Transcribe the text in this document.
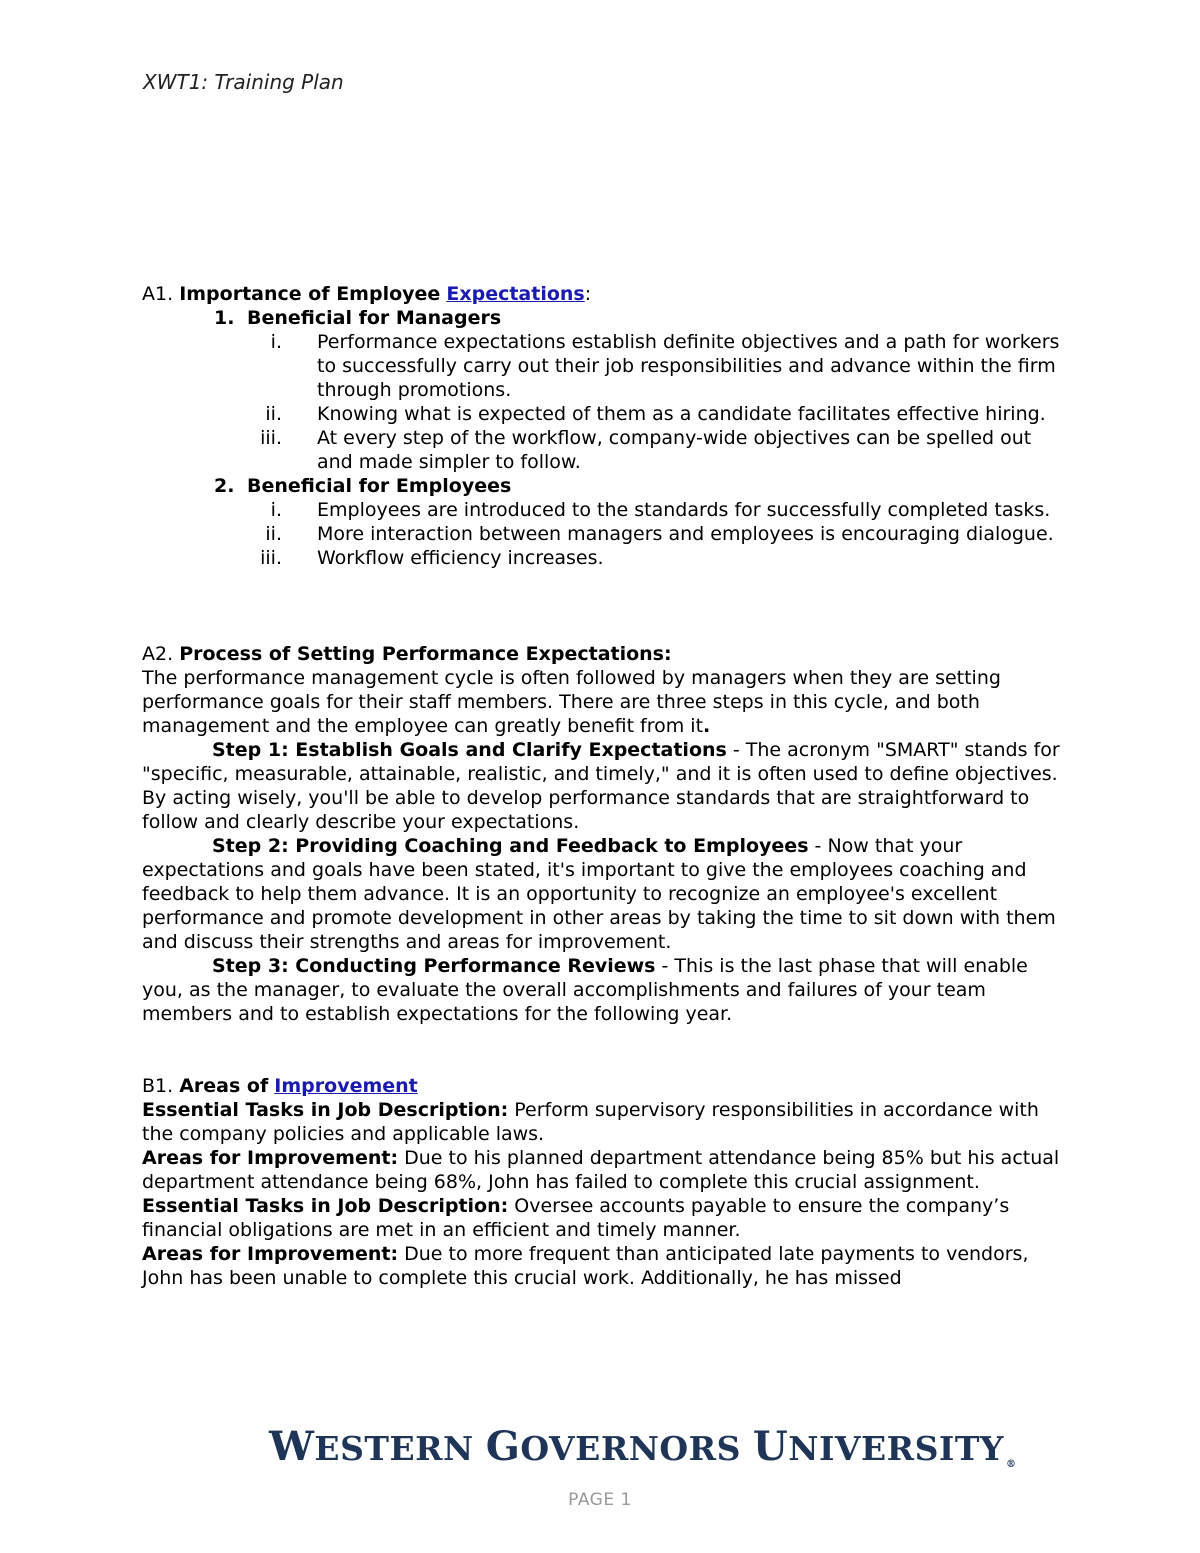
XWT1: Training Plan

A1. Importance of Employee Expectations:

1. Beneficial for Managers

i. Performance expectations establish definite objectives and a path for workers to successfully carry out their job responsibilities and advance within the firm through promotions.

ii. Knowing what is expected of them as a candidate facilitates effective hiring.

iii. At every step of the workflow, company-wide objectives can be spelled out and made simpler to follow.

2. Beneficial for Employees

i. Employees are introduced to the standards for successfully completed tasks.

ii. More interaction between managers and employees is encouraging dialogue.

iii. Workflow efficiency increases.

A2. Process of Setting Performance Expectations:

The performance management cycle is often followed by managers when they are setting performance goals for their staff members. There are three steps in this cycle, and both management and the employee can greatly benefit from it.

Step 1: Establish Goals and Clarify Expectations - The acronym "SMART" stands for "specific, measurable, attainable, realistic, and timely," and it is often used to define objectives. By acting wisely, you'll be able to develop performance standards that are straightforward to follow and clearly describe your expectations.

Step 2: Providing Coaching and Feedback to Employees - Now that your expectations and goals have been stated, it's important to give the employees coaching and feedback to help them advance. It is an opportunity to recognize an employee's excellent performance and promote development in other areas by taking the time to sit down with them and discuss their strengths and areas for improvement.

Step 3: Conducting Performance Reviews - This is the last phase that will enable you, as the manager, to evaluate the overall accomplishments and failures of your team members and to establish expectations for the following year.

B1. Areas of Improvement

Essential Tasks in Job Description: Perform supervisory responsibilities in accordance with the company policies and applicable laws.

Areas for Improvement: Due to his planned department attendance being 85% but his actual department attendance being 68%, John has failed to complete this crucial assignment.

Essential Tasks in Job Description: Oversee accounts payable to ensure the company’s financial obligations are met in an efficient and timely manner.

Areas for Improvement: Due to more frequent than anticipated late payments to vendors, John has been unable to complete this crucial work. Additionally, he has missed

WESTERN GOVERNORS UNIVERSITY ®
PAGE 1
